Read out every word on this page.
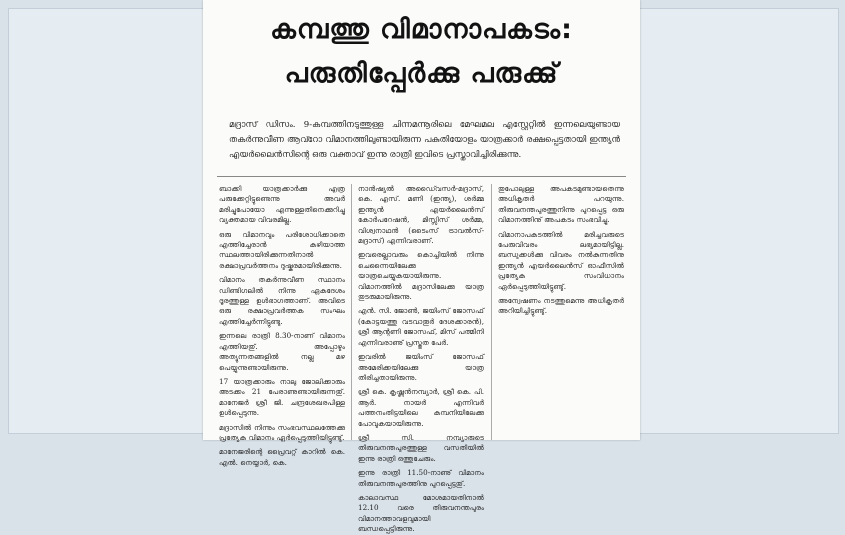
കമ്പത്തു വിമാനാപകടം:
പരുതിപ്പേർക്കു പരുക്കു്
മദ്രാസ് ഡിസം. 9-കമ്പത്തിനടുത്തുള്ള ചിന്നമന്നൂരിലെ മേഘമല എസ്റ്റേറ്റിൽ ഇന്നലെയുണ്ടായ തകർന്നുവീണ ആവ്റോ വിമാനത്തിലുണ്ടായിരുന്ന പകുതിയോളം യാത്രക്കാർ രക്ഷപ്പെട്ടതായി ഇന്ത്യൻ എയർലൈൻസിന്റെ ഒരു വക്താവ് ഇന്നു രാത്രി ഇവിടെ പ്രസ്താവിച്ചിരിക്കുന്നു.

ബാക്കി യാത്രക്കാർക്കു എത്ര പരുക്കേറ്റിട്ടുണ്ടെന്നു അവർ മരിച്ചുപോയോ എന്നുള്ളതിനെക്കുറിച്ചു വ്യക്തമായ വിവരമില്ല.

ഒരു വിമാനവും പരിശോധിക്കാതെ എത്തിച്ചേരാൻ കഴിയാത്ത സ്ഥലത്തായിരിക്കുന്നതിനാൽ രക്ഷാപ്രവർത്തനം ദുഷ്കരമായിരിക്കുന്നു.

വിമാനം തകർന്നുവീണ സ്ഥാനം ഡിണ്ടിഗലിൽ നിന്നു ഏകദേശം ദൂരത്തുള്ള ഉൾഭാഗത്താണ്. അവിടെ ഒരു രക്ഷാപ്രവർത്തക സംഘം എത്തിച്ചേർന്നിട്ടുണ്ടു.

ഇന്നലെ രാത്രി 8.30-നാണ് വിമാനം എത്തിയതു്. അപ്പോഴും അത്യുന്നതങ്ങളിൽ നല്ല മഴ പെയ്യുന്നുണ്ടായിരുന്നു.

17 യാത്രക്കാരും നാലു ജോലിക്കാരും അടക്കം 21 പേരാണുണ്ടായിരുന്നതു്. മാനേജർ ശ്രീ ജി. ചന്ദ്രശേഖരപിള്ള ഉൾപ്പെടുന്നു.

മദ്രാസിൽ നിന്നും സംഭവസ്ഥലത്തേക്കു പ്രത്യേക വിമാനം ഏർപ്പെടുത്തിയിട്ടുണ്ടു്.

മാനേജരിന്റെ പ്രൈവറ്റ് കാറിൽ കെ. എൽ. നെയ്യാർ, കെ.

നാൻഷ്യൽ അഡൈ്വസർ-മദ്രാസ്, കെ. എസ്. മണി (ഇന്ത്യ), ശർമ്മ ഇന്ത്യൻ എയർലൈൻസ് കോർപറേഷൻ, മിസ്സിസ് ശർമ്മ, വിശ്വനാഥൻ (ടൈംസ് ട്രാവൽസ്-മദ്രാസ്) എന്നിവരാണ്.

ഇവരെല്ലാവരും കൊച്ചിയിൽ നിന്നു ചെന്നൈയിലേക്കു യാത്രചെയ്യുകയായിരുന്നു. വിമാനത്തിൽ മദ്രാസിലേക്കു യാത്ര തുടരുമായിരുന്നു.

എൻ. സി. ജോൺ, ജയിംസ് ജോസഫ് (കോട്ടയത്തു വടവാതൂർ ദേശക്കാരൻ), ശ്രീ ആന്റണി ജോസഫ്, മിസ് പത്മിനി എന്നിവരാണു് പ്രസ്തുത പേർ.

ഇവരിൽ ജയിംസ് ജോസഫ് അമേരിക്കയിലേക്കു യാത്ര തിരിച്ചതായിരുന്നു.

ശ്രീ കെ. കൃഷ്ണൻനമ്പ്യാർ, ശ്രീ കെ. പി. ആർ. നായർ എന്നിവർ പത്തനംതിട്ടയിലെ കമ്പനിയിലേക്കു പോവുകയായിരുന്നു.

ശ്രീ സി. നമ്പ്യാരുടെ തിരുവനന്തപുരത്തുള്ള വസതിയിൽ ഇന്നു രാത്രി ഒത്തുചേരും.

ഇന്നു രാത്രി 11.50-നാണു് വിമാനം തിരുവനന്തപുരത്തിനു പുറപ്പെട്ടതു്.

കാലാവസ്ഥ മോശമായതിനാൽ 12.10 വരെ തിരുവനന്തപുരം വിമാനത്താവളവുമായി ബന്ധപ്പെട്ടിരുന്നു.

തുപോലുള്ള അപകടമുണ്ടായതെന്നു അധികൃതർ പറയുന്നു. തിരുവനന്തപുരത്തുനിന്നു പുറപ്പെട്ട ഒരു വിമാനത്തിനു് അപകടം സംഭവിച്ചു.

വിമാനാപകടത്തിൽ മരിച്ചവരുടെ പേരുവിവരം ലഭ്യമായിട്ടില്ല. ബന്ധുക്കൾക്കു വിവരം നൽകുന്നതിനു ഇന്ത്യൻ എയർലൈൻസ് ഓഫീസിൽ പ്രത്യേക സംവിധാനം ഏർപ്പെടുത്തിയിട്ടുണ്ടു്.

അന്വേഷണം നടത്തുമെന്നു അധികൃതർ അറിയിച്ചിട്ടുണ്ടു്.
